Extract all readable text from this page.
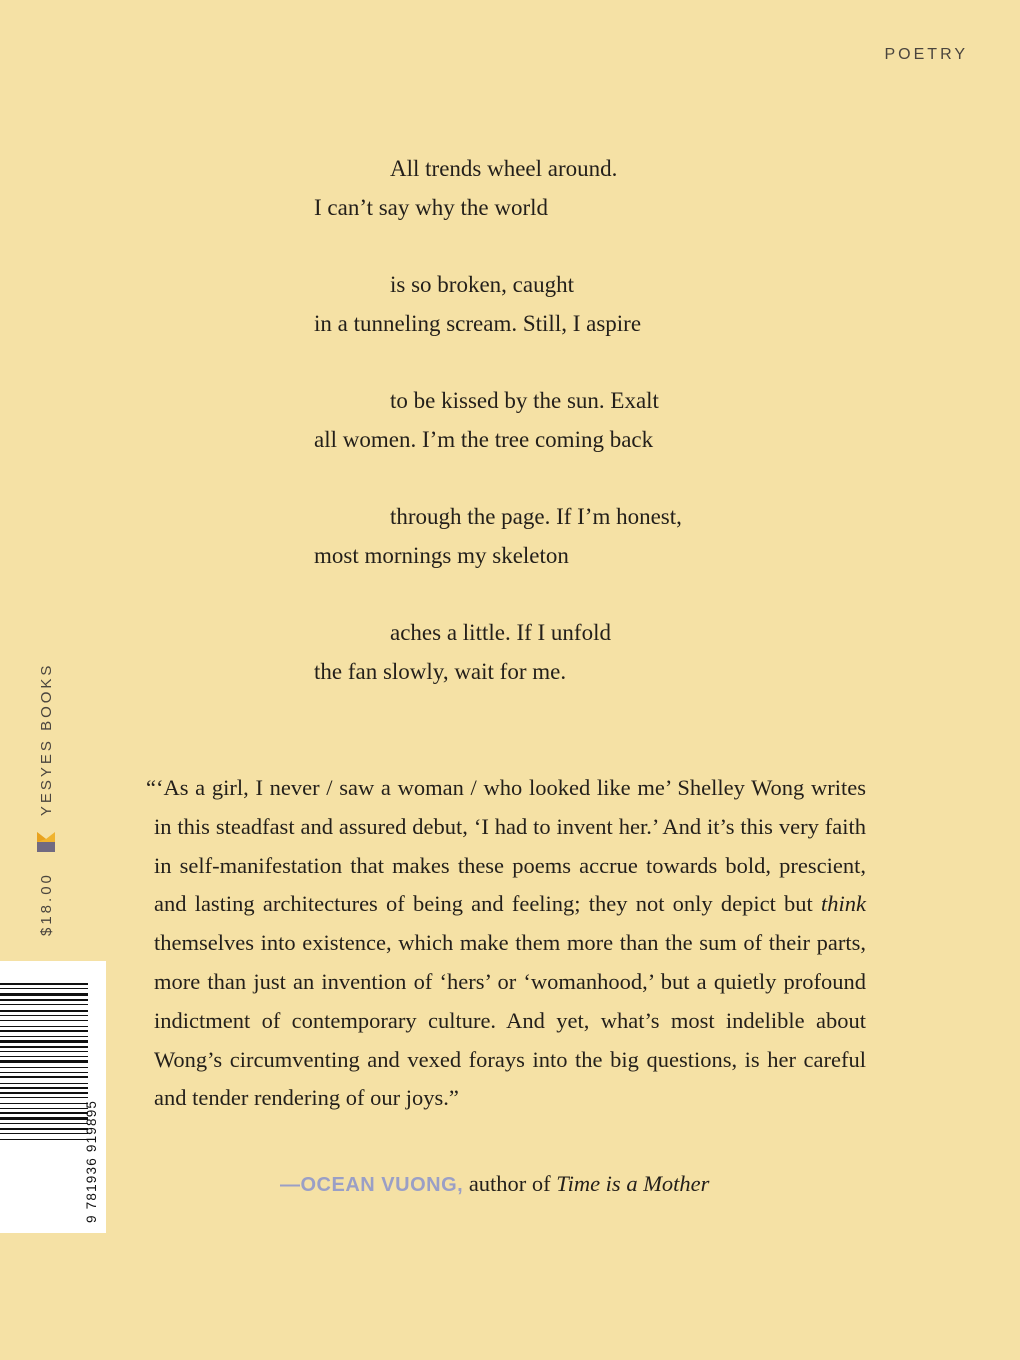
POETRY
All trends wheel around.
I can’t say why the world
is so broken, caught
in a tunneling scream. Still, I aspire
to be kissed by the sun. Exalt
all women. I’m the tree coming back
through the page. If I’m honest,
most mornings my skeleton
aches a little. If I unfold
the fan slowly, wait for me.
$18.00
YESYES BOOKS	“‘As a girl, I never / saw a woman / who looked like me’ Shelley Wong writes in this steadfast and assured debut, ‘I had to invent her.’ And it’s this very faith in self-manifestation that makes these poems accrue towards bold, prescient, and lasting architectures of being and feeling; they not only depict but think themselves into existence, which make them more than the sum of their parts, more than just an invention of ‘hers’ or ‘womanhood,’ but a quietly profound indictment of contemporary culture. And yet, what’s most indelible about Wong’s circumventing and vexed forays into the big questions, is her careful and tender rendering of our joys.”
—OCEAN VUONG, author of Time is a Mother
9 781936 919895
